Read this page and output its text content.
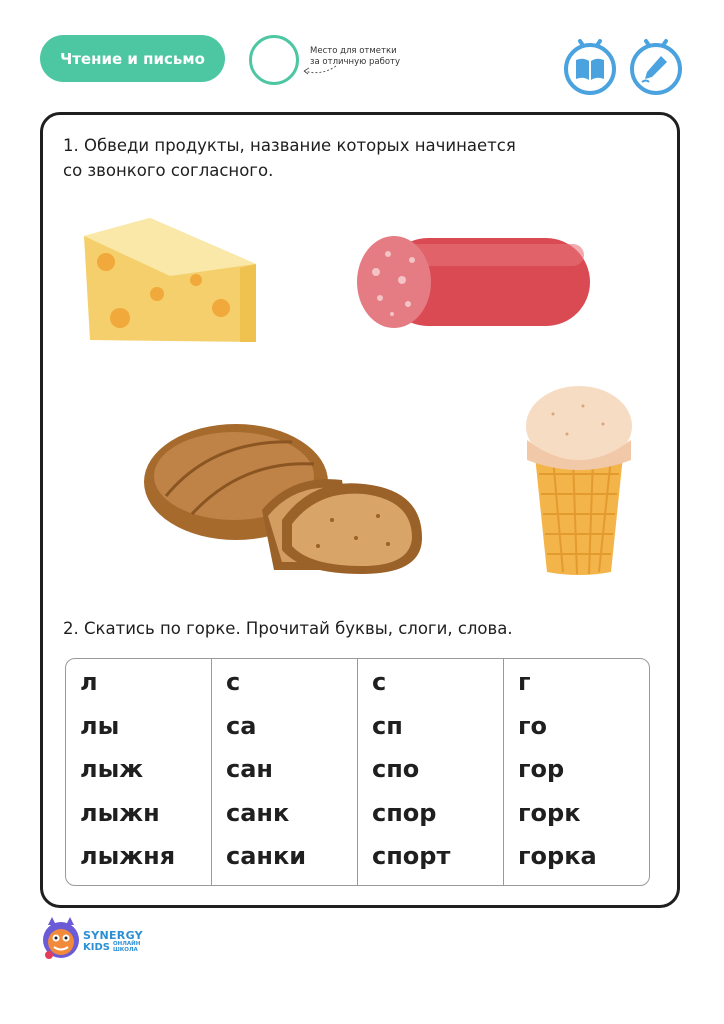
Чтение и письмо	Место для отметки
за отличную работу
1. Обведи продукты, название которых начинается
со звонкого согласного.
2. Скатись по горке. Прочитай буквы, слоги, слова.
л
лы
лыж
лыжн
лыжня
с
са
сан
санк
санки
с
сп
спо
спор
спорт
г
го
гор
горк
горка
SYNERGY
KIDS ОНЛАЙН
ШКОЛА
